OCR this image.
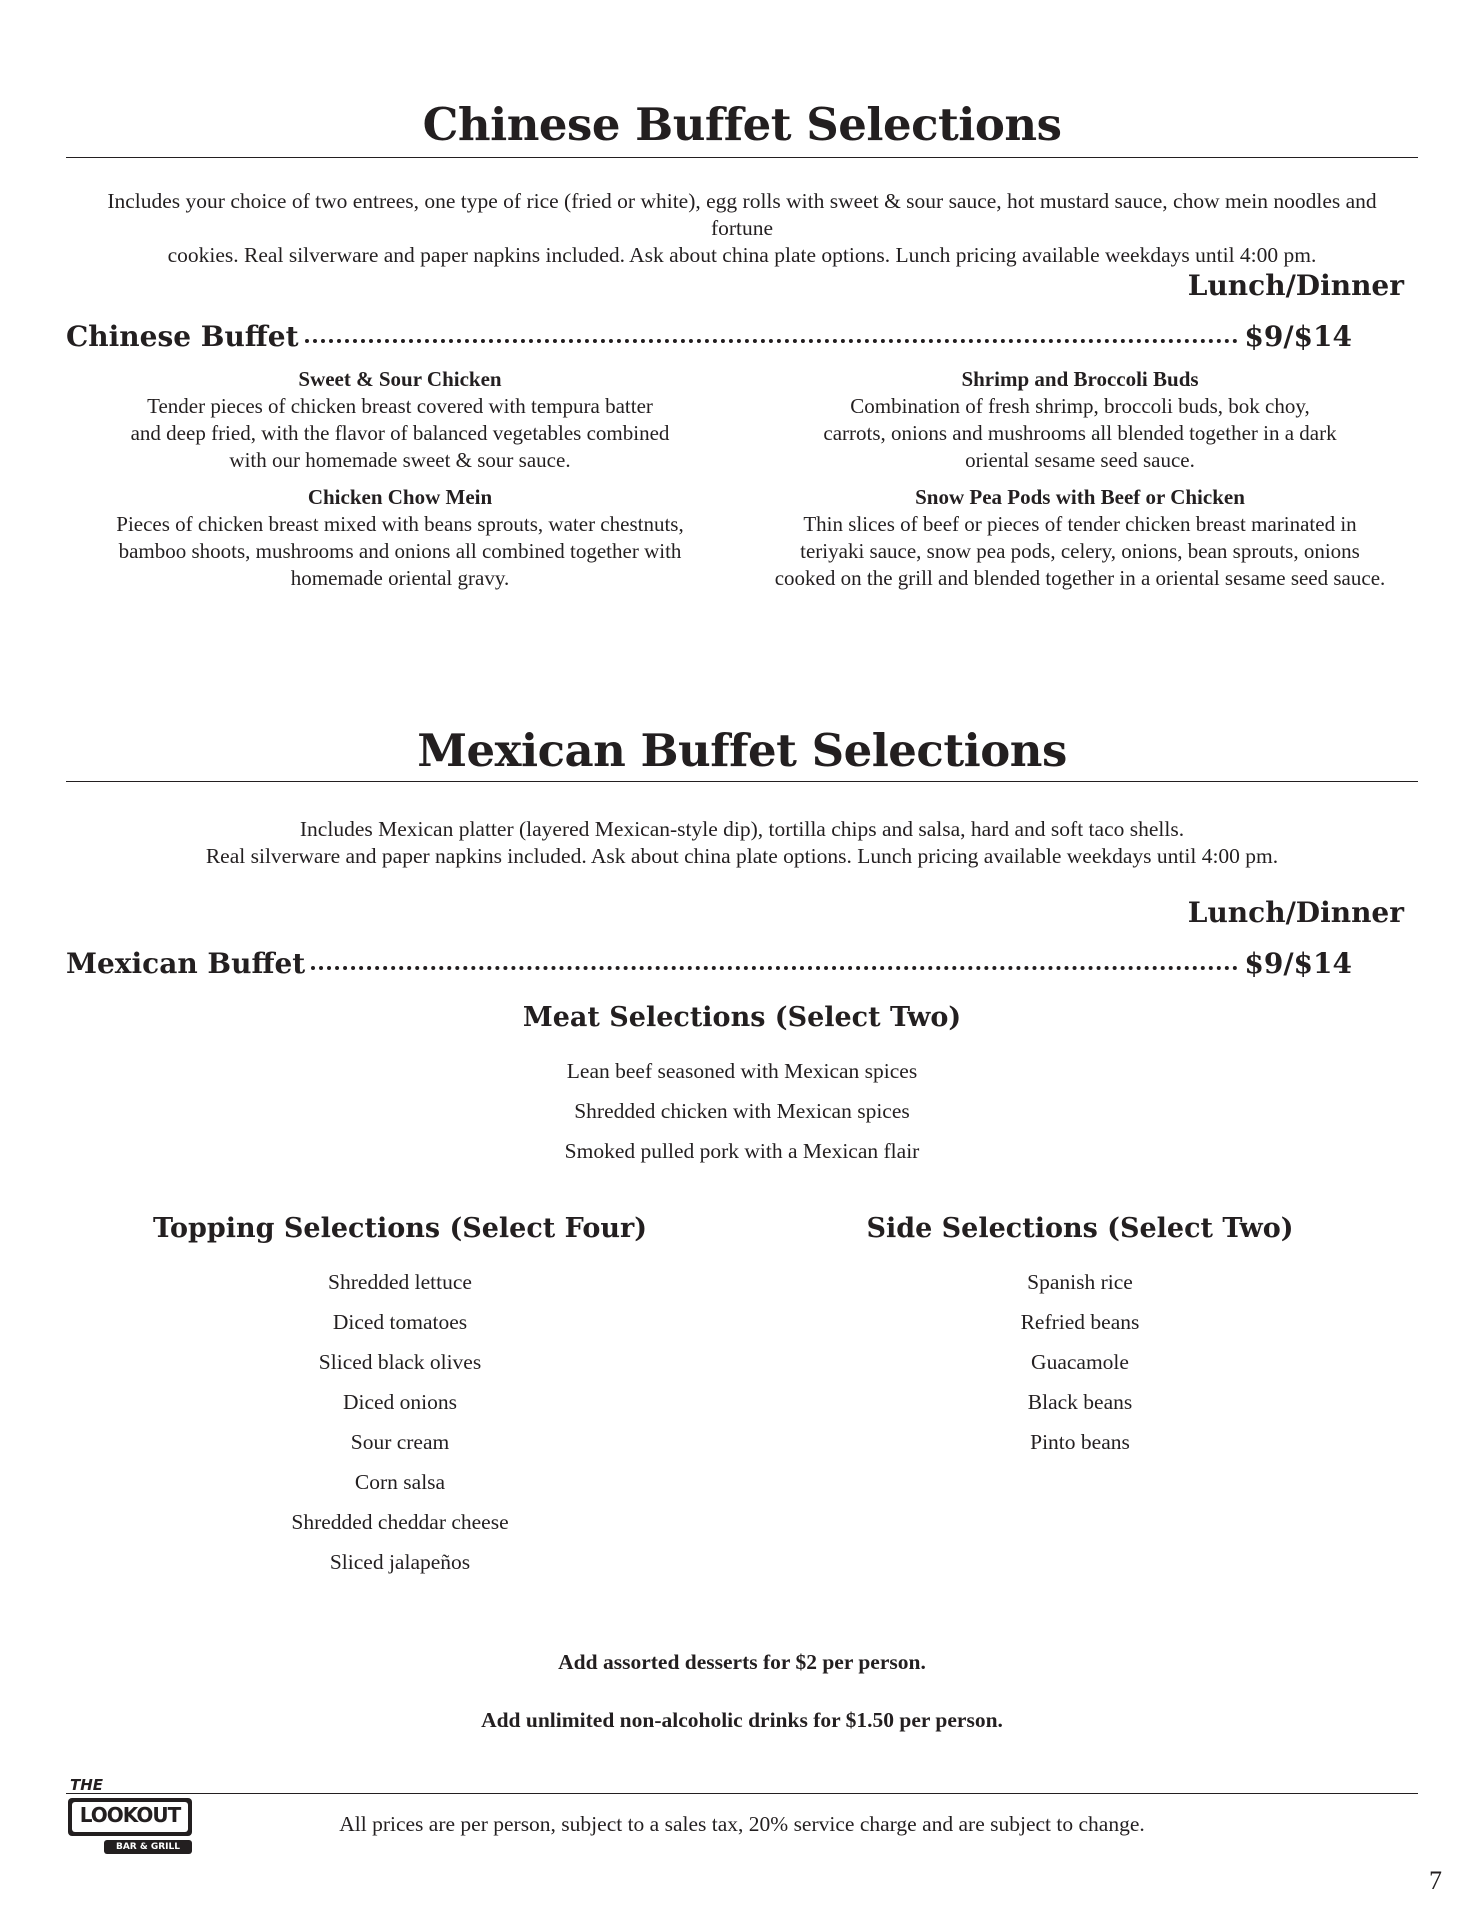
Chinese Buffet Selections
Includes your choice of two entrees, one type of rice (fried or white), egg rolls with sweet & sour sauce, hot mustard sauce, chow mein noodles and fortune
cookies. Real silverware and paper napkins included. Ask about china plate options. Lunch pricing available weekdays until 4:00 pm.
Lunch/Dinner
Chinese Buffet	$9/$14
Sweet & Sour Chicken
Tender pieces of chicken breast covered with tempura batter
and deep fried, with the flavor of balanced vegetables combined
with our homemade sweet & sour sauce.
Shrimp and Broccoli Buds
Combination of fresh shrimp, broccoli buds, bok choy,
carrots, onions and mushrooms all blended together in a dark
oriental sesame seed sauce.
Chicken Chow Mein
Pieces of chicken breast mixed with beans sprouts, water chestnuts,
bamboo shoots, mushrooms and onions all combined together with
homemade oriental gravy.
Snow Pea Pods with Beef or Chicken
Thin slices of beef or pieces of tender chicken breast marinated in
teriyaki sauce, snow pea pods, celery, onions, bean sprouts, onions
cooked on the grill and blended together in a oriental sesame seed sauce.
Mexican Buffet Selections
Includes Mexican platter (layered Mexican-style dip), tortilla chips and salsa, hard and soft taco shells.
Real silverware and paper napkins included. Ask about china plate options. Lunch pricing available weekdays until 4:00 pm.
Lunch/Dinner
Mexican Buffet	$9/$14
Meat Selections (Select Two)
Lean beef seasoned with Mexican spices
Shredded chicken with Mexican spices
Smoked pulled pork with a Mexican flair
Topping Selections (Select Four)
Shredded lettuce
Diced tomatoes
Sliced black olives
Diced onions
Sour cream
Corn salsa
Shredded cheddar cheese
Sliced jalapeños
Side Selections (Select Two)
Spanish rice
Refried beans
Guacamole
Black beans
Pinto beans
Add assorted desserts for $2 per person.
Add unlimited non-alcoholic drinks for $1.50 per person.
THE
LOOKOUT
BAR & GRILL
All prices are per person, subject to a sales tax, 20% service charge and are subject to change.
7
